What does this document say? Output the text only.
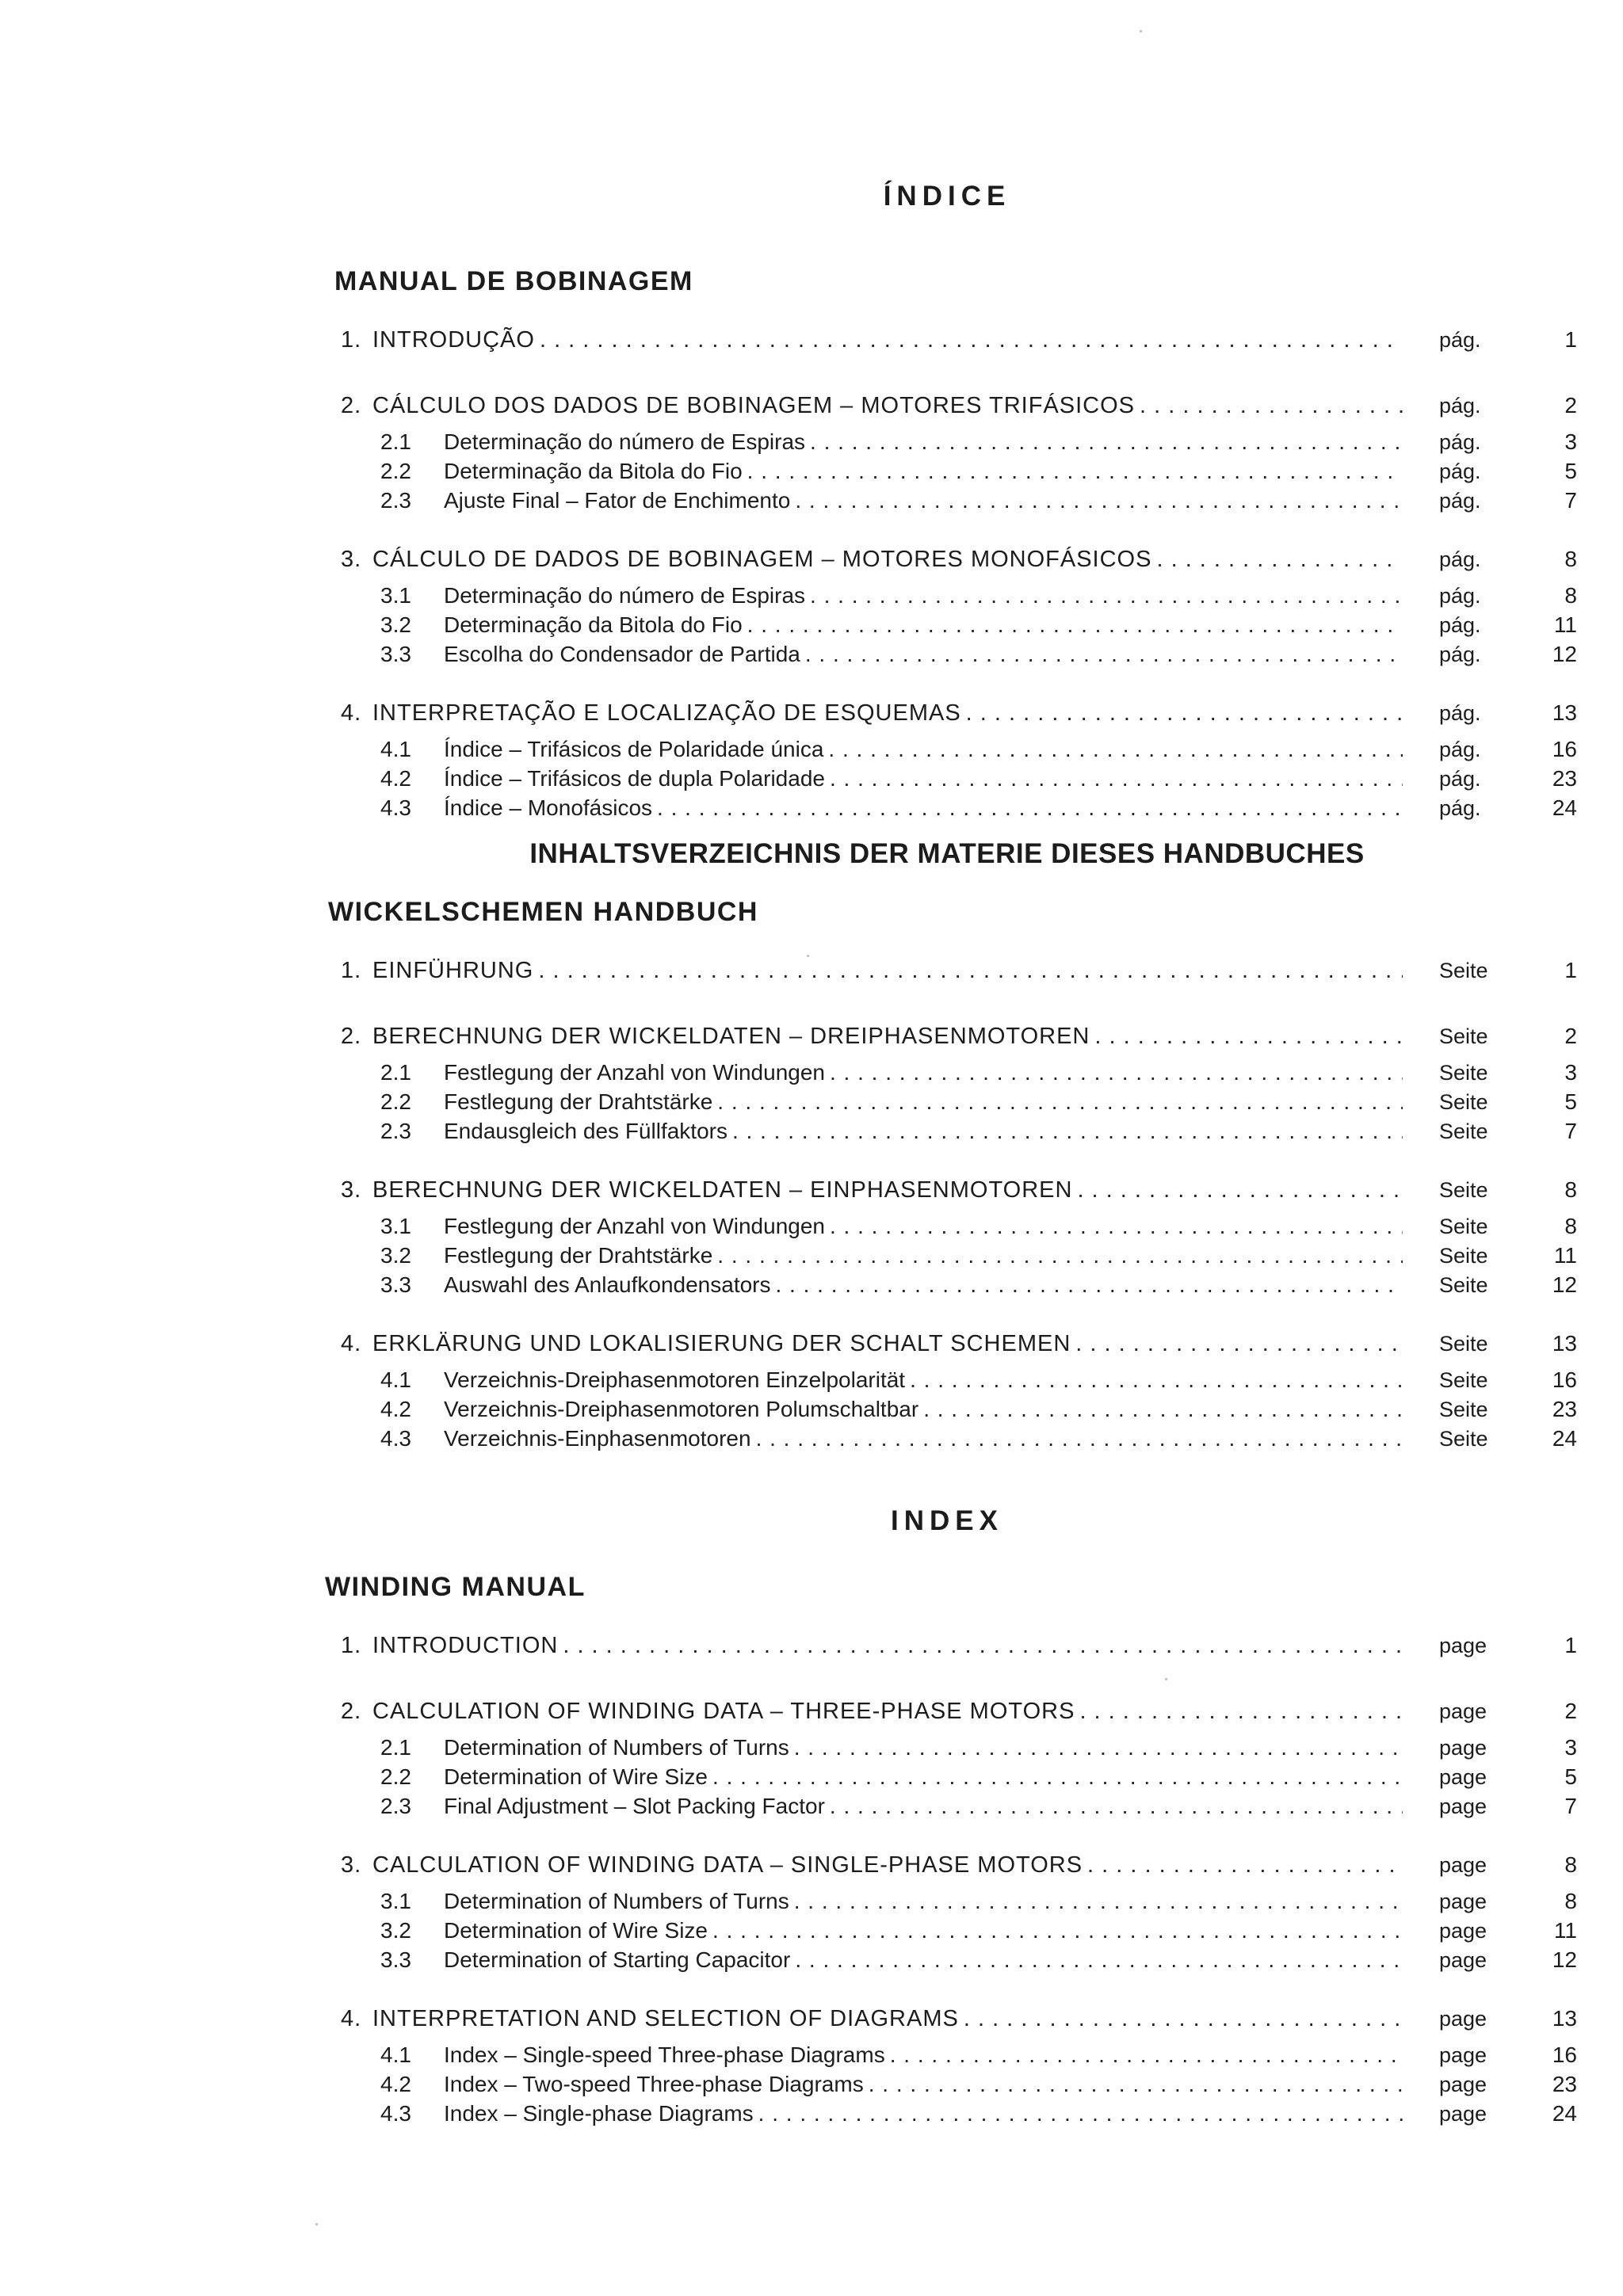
ÍNDICE
MANUAL DE BOBINAGEM
1. INTRODUÇÃO . . .	pág.	1
2. CÁLCULO DOS DADOS DE BOBINAGEM – MOTORES TRIFÁSICOS . . .	pág.	2
2.1	Determinação do número de Espiras . . .	pág.	3
2.2	Determinação da Bitola do Fio . . .	pág.	5
2.3	Ajuste Final – Fator de Enchimento . . .	pág.	7
3. CÁLCULO DE DADOS DE BOBINAGEM – MOTORES MONOFÁSICOS . . .	pág.	8
3.1	Determinação do número de Espiras . . .	pág.	8
3.2	Determinação da Bitola do Fio . . .	pág.	11
3.3	Escolha do Condensador de Partida . . .	pág.	12
4. INTERPRETAÇÃO E LOCALIZAÇÃO DE ESQUEMAS . . .	pág.	13
4.1	Índice – Trifásicos de Polaridade única . . .	pág.	16
4.2	Índice – Trifásicos de dupla Polaridade . . .	pág.	23
4.3	Índice – Monofásicos . . .	pág.	24
INHALTSVERZEICHNIS DER MATERIE DIESES HANDBUCHES
WICKELSCHEMEN HANDBUCH
1. EINFÜHRUNG . . .	Seite	1
2. BERECHNUNG DER WICKELDATEN – DREIPHASENMOTOREN . . .	Seite	2
2.1	Festlegung der Anzahl von Windungen . . .	Seite	3
2.2	Festlegung der Drahtstärke . . .	Seite	5
2.3	Endausgleich des Füllfaktors . . .	Seite	7
3. BERECHNUNG DER WICKELDATEN – EINPHASENMOTOREN . . .	Seite	8
3.1	Festlegung der Anzahl von Windungen . . .	Seite	8
3.2	Festlegung der Drahtstärke . . .	Seite	11
3.3	Auswahl des Anlaufkondensators . . .	Seite	12
4. ERKLÄRUNG UND LOKALISIERUNG DER SCHALT SCHEMEN . . .	Seite	13
4.1	Verzeichnis-Dreiphasenmotoren Einzelpolarität . . .	Seite	16
4.2	Verzeichnis-Dreiphasenmotoren Polumschaltbar . . .	Seite	23
4.3	Verzeichnis-Einphasenmotoren . . .	Seite	24
INDEX
WINDING MANUAL
1. INTRODUCTION . . .	page	1
2. CALCULATION OF WINDING DATA – THREE-PHASE MOTORS . . .	page	2
2.1	Determination of Numbers of Turns . . .	page	3
2.2	Determination of Wire Size . . .	page	5
2.3	Final Adjustment – Slot Packing Factor . . .	page	7
3. CALCULATION OF WINDING DATA – SINGLE-PHASE MOTORS . . .	page	8
3.1	Determination of Numbers of Turns . . .	page	8
3.2	Determination of Wire Size . . .	page	11
3.3	Determination of Starting Capacitor . . .	page	12
4. INTERPRETATION AND SELECTION OF DIAGRAMS . . .	page	13
4.1	Index – Single-speed Three-phase Diagrams . . .	page	16
4.2	Index – Two-speed Three-phase Diagrams . . .	page	23
4.3	Index – Single-phase Diagrams . . .	page	24
